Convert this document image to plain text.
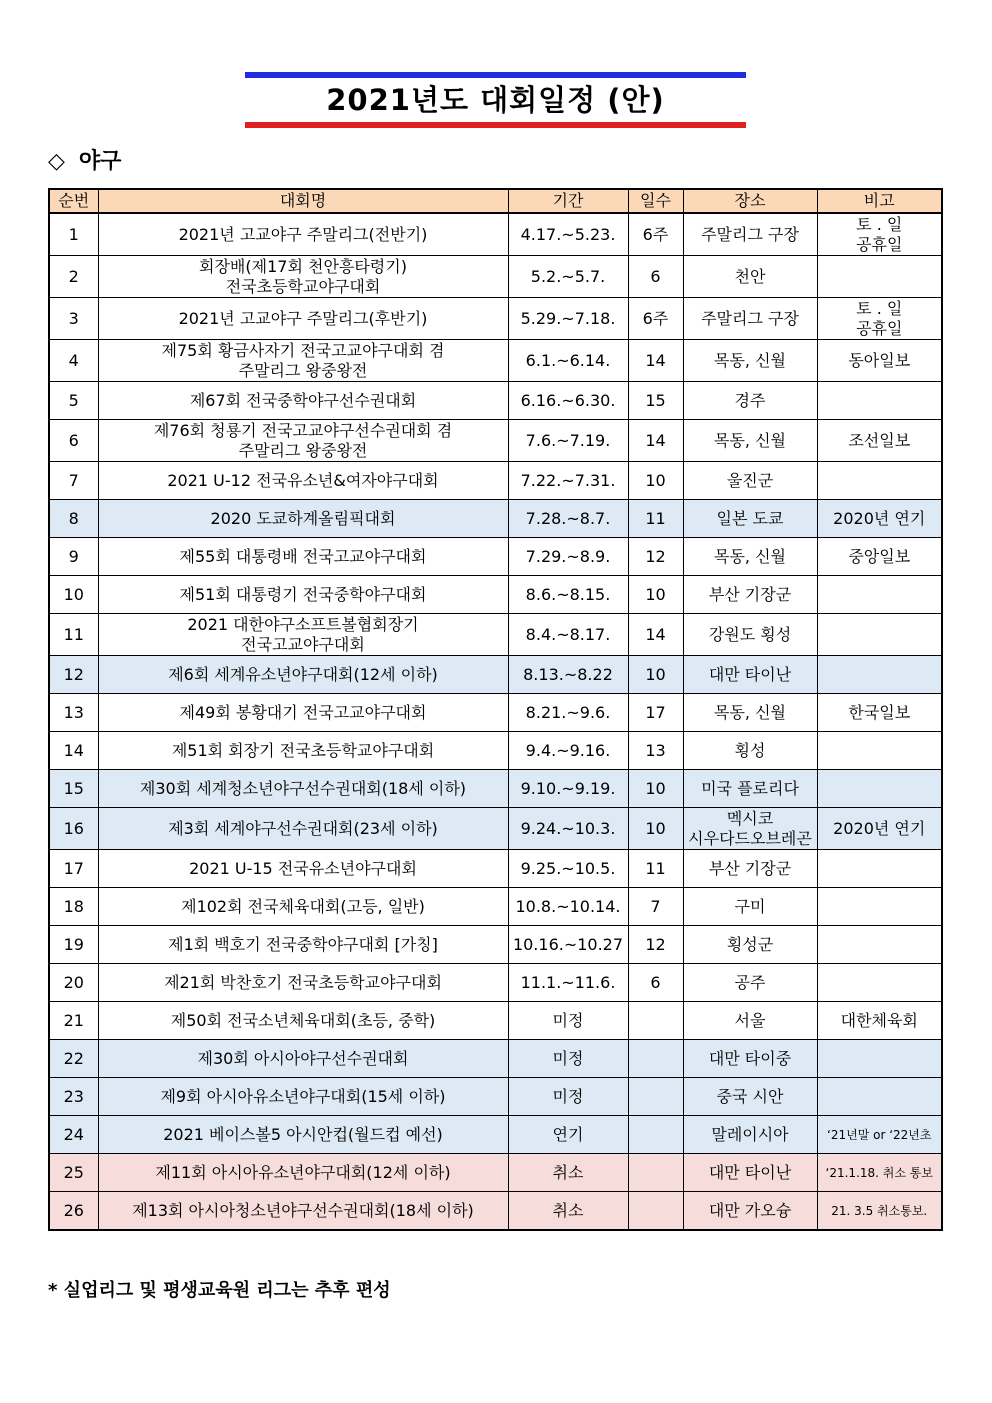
2021년도 대회일정 (안)
◇ 야구
순번	대회명	기간	일수	장소	비고
1	2021년 고교야구 주말리그(전반기)	4.17.~5.23.	6주	주말리그 구장	토 . 일
공휴일
2	회장배(제17회 천안흥타령기)
전국초등학교야구대회	5.2.~5.7.	6	천안	
3	2021년 고교야구 주말리그(후반기)	5.29.~7.18.	6주	주말리그 구장	토 . 일
공휴일
4	제75회 황금사자기 전국고교야구대회 겸
주말리그 왕중왕전	6.1.~6.14.	14	목동, 신월	동아일보
5	제67회 전국중학야구선수권대회	6.16.~6.30.	15	경주	
6	제76회 청룡기 전국고교야구선수권대회 겸
주말리그 왕중왕전	7.6.~7.19.	14	목동, 신월	조선일보
7	2021 U-12 전국유소년&여자야구대회	7.22.~7.31.	10	울진군	
8	2020 도쿄하계올림픽대회	7.28.~8.7.	11	일본 도쿄	2020년 연기
9	제55회 대통령배 전국고교야구대회	7.29.~8.9.	12	목동, 신월	중앙일보
10	제51회 대통령기 전국중학야구대회	8.6.~8.15.	10	부산 기장군	
11	2021 대한야구소프트볼협회장기
전국고교야구대회	8.4.~8.17.	14	강원도 횡성	
12	제6회 세계유소년야구대회(12세 이하)	8.13.~8.22	10	대만 타이난	
13	제49회 봉황대기 전국고교야구대회	8.21.~9.6.	17	목동, 신월	한국일보
14	제51회 회장기 전국초등학교야구대회	9.4.~9.16.	13	횡성	
15	제30회 세계청소년야구선수권대회(18세 이하)	9.10.~9.19.	10	미국 플로리다	
16	제3회 세계야구선수권대회(23세 이하)	9.24.~10.3.	10	멕시코
시우다드오브레곤	2020년 연기
17	2021 U-15 전국유소년야구대회	9.25.~10.5.	11	부산 기장군	
18	제102회 전국체육대회(고등, 일반)	10.8.~10.14.	7	구미	
19	제1회 백호기 전국중학야구대회 [가칭]	10.16.~10.27	12	횡성군	
20	제21회 박찬호기 전국초등학교야구대회	11.1.~11.6.	6	공주	
21	제50회 전국소년체육대회(초등, 중학)	미정		서울	대한체육회
22	제30회 아시아야구선수권대회	미정		대만 타이중	
23	제9회 아시아유소년야구대회(15세 이하)	미정		중국 시안	
24	2021 베이스볼5 아시안컵(월드컵 예선)	연기		말레이시아	‘21년말 or ‘22년초
25	제11회 아시아유소년야구대회(12세 이하)	취소		대만 타이난	‘21.1.18. 취소 통보
26	제13회 아시아청소년야구선수권대회(18세 이하)	취소		대만 가오슝	21. 3.5 취소통보.
* 실업리그 및 평생교육원 리그는 추후 편성
